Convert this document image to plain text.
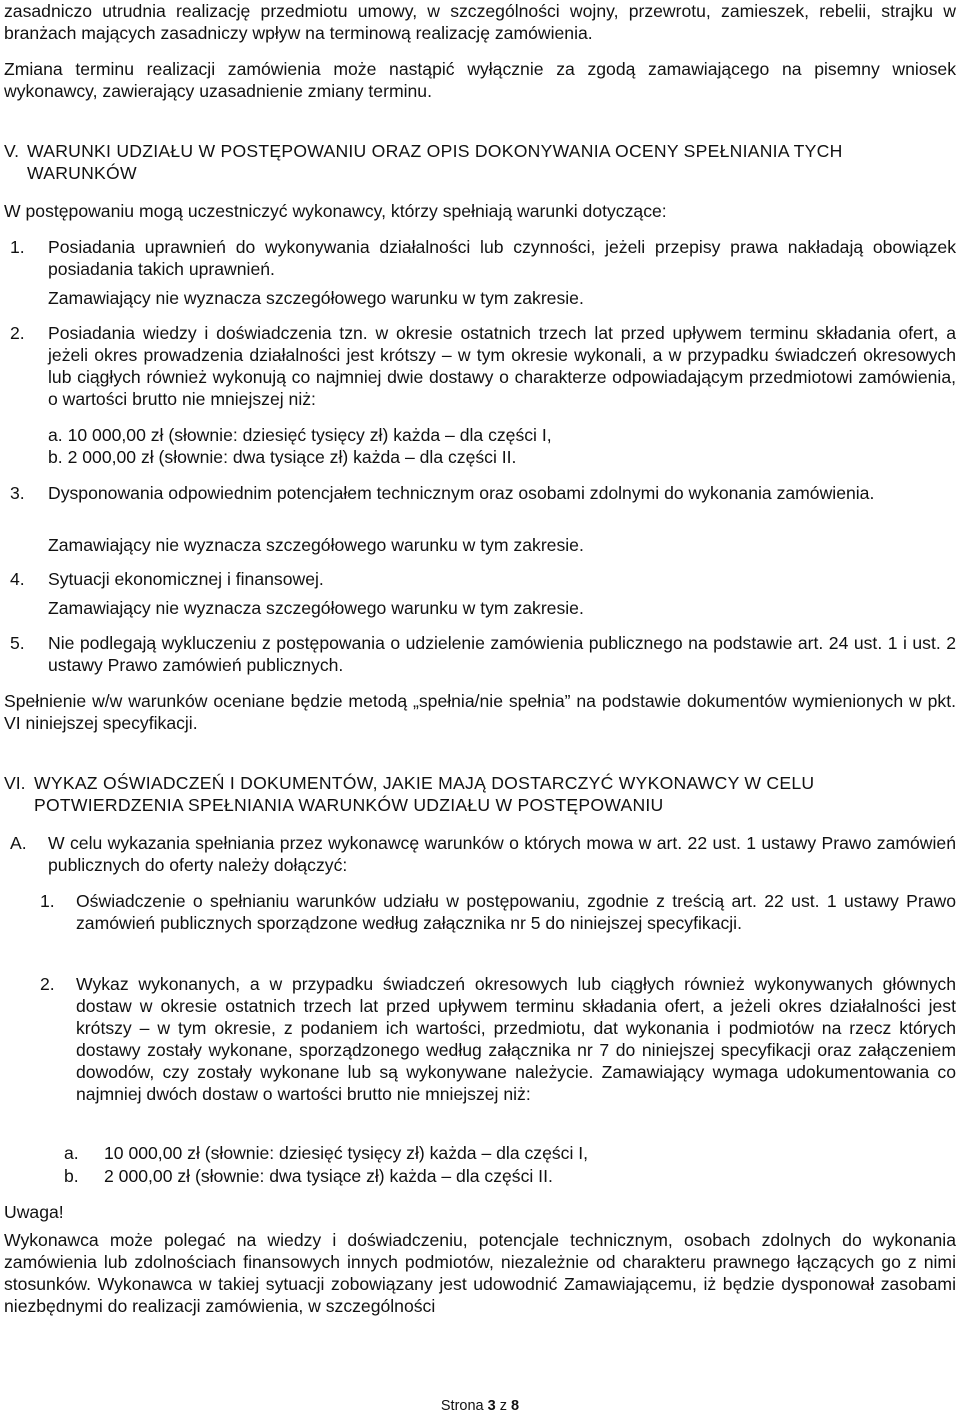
zasadniczo utrudnia realizację przedmiotu umowy, w szczególności wojny, przewrotu, zamieszek, rebelii, strajku w branżach mających zasadniczy wpływ na terminową realizację zamówienia.

Zmiana terminu realizacji zamówienia może nastąpić wyłącznie za zgodą zamawiającego na pisemny wniosek wykonawcy, zawierający uzasadnienie zmiany terminu.

V. WARUNKI UDZIAŁU W POSTĘPOWANIU ORAZ OPIS DOKONYWANIA OCENY SPEŁNIANIA TYCH WARUNKÓW

W postępowaniu mogą uczestniczyć wykonawcy, którzy spełniają warunki dotyczące:

1. Posiadania uprawnień do wykonywania działalności lub czynności, jeżeli przepisy prawa nakładają obowiązek posiadania takich uprawnień.
Zamawiający nie wyznacza szczegółowego warunku w tym zakresie.
2. Posiadania wiedzy i doświadczenia tzn. w okresie ostatnich trzech lat przed upływem terminu składania ofert, a jeżeli okres prowadzenia działalności jest krótszy – w tym okresie wykonali, a w przypadku świadczeń okresowych lub ciągłych również wykonują co najmniej dwie dostawy o charakterze odpowiadającym przedmiotowi zamówienia, o wartości brutto nie mniejszej niż:
a. 10 000,00 zł (słownie: dziesięć tysięcy zł) każda – dla części I,
b. 2 000,00 zł (słownie: dwa tysiące zł) każda – dla części II.
3. Dysponowania odpowiednim potencjałem technicznym oraz osobami zdolnymi do wykonania zamówienia.
Zamawiający nie wyznacza szczegółowego warunku w tym zakresie.
4. Sytuacji ekonomicznej i finansowej.
Zamawiający nie wyznacza szczegółowego warunku w tym zakresie.
5. Nie podlegają wykluczeniu z postępowania o udzielenie zamówienia publicznego na podstawie art. 24 ust. 1 i ust. 2 ustawy Prawo zamówień publicznych.

Spełnienie w/w warunków oceniane będzie metodą „spełnia/nie spełnia” na podstawie dokumentów wymienionych w pkt. VI niniejszej specyfikacji.

VI. WYKAZ OŚWIADCZEŃ I DOKUMENTÓW, JAKIE MAJĄ DOSTARCZYĆ WYKONAWCY W CELU POTWIERDZENIA SPEŁNIANIA WARUNKÓW UDZIAŁU W POSTĘPOWANIU
A. W celu wykazania spełniania przez wykonawcę warunków o których mowa w art. 22 ust. 1 ustawy Prawo zamówień publicznych do oferty należy dołączyć:
1. Oświadczenie o spełnianiu warunków udziału w postępowaniu, zgodnie z treścią art. 22 ust. 1 ustawy Prawo zamówień publicznych sporządzone według załącznika nr 5 do niniejszej specyfikacji.
2. Wykaz wykonanych, a w przypadku świadczeń okresowych lub ciągłych również wykonywanych głównych dostaw w okresie ostatnich trzech lat przed upływem terminu składania ofert, a jeżeli okres działalności jest krótszy – w tym okresie, z podaniem ich wartości, przedmiotu, dat wykonania i podmiotów na rzecz których dostawy zostały wykonane, sporządzonego według załącznika nr 7 do niniejszej specyfikacji oraz załączeniem dowodów, czy zostały wykonane lub są wykonywane należycie. Zamawiający wymaga udokumentowania co najmniej dwóch dostaw o wartości brutto nie mniejszej niż:
a. 10 000,00 zł (słownie: dziesięć tysięcy zł) każda – dla części I,
b. 2 000,00 zł (słownie: dwa tysiące zł) każda – dla części II.
Uwaga!

Wykonawca może polegać na wiedzy i doświadczeniu, potencjale technicznym, osobach zdolnych do wykonania zamówienia lub zdolnościach finansowych innych podmiotów, niezależnie od charakteru prawnego łączących go z nimi stosunków. Wykonawca w takiej sytuacji zobowiązany jest udowodnić Zamawiającemu, iż będzie dysponował zasobami niezbędnymi do realizacji zamówienia, w szczególności

Strona 3 z 8
